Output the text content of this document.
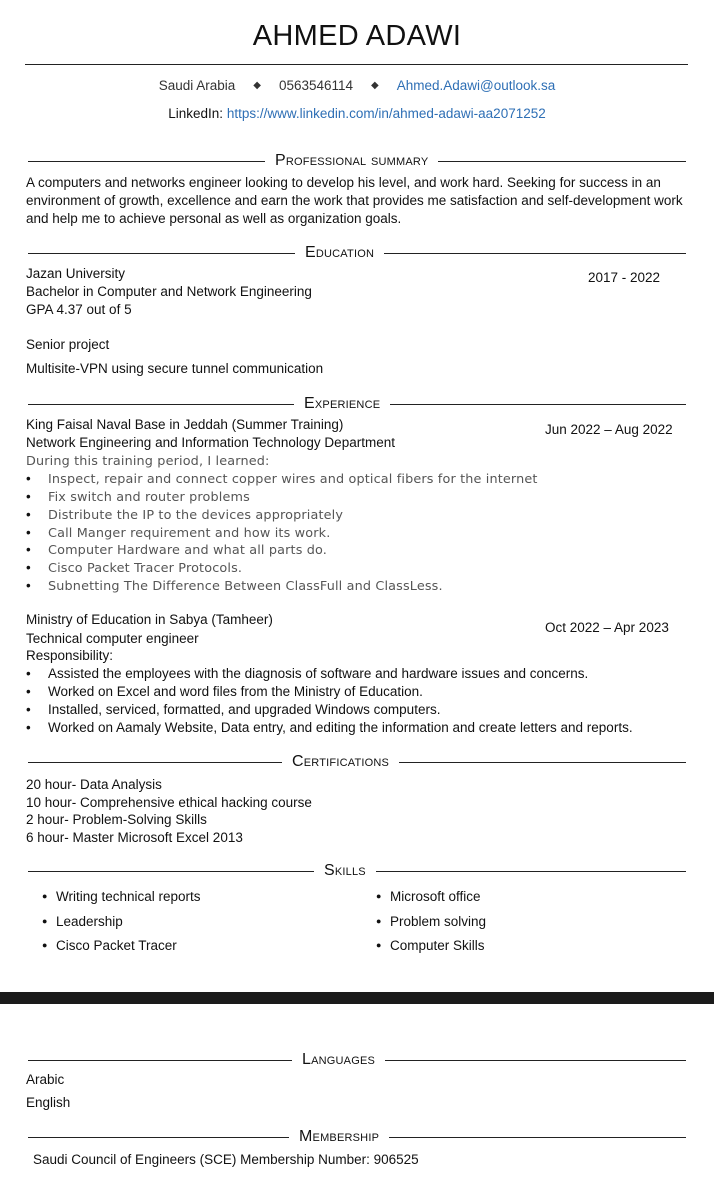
AHMED ADAWI
Saudi Arabia ◆ 0563546114 ◆ Ahmed.Adawi@outlook.sa
LinkedIn: https://www.linkedin.com/in/ahmed-adawi-aa2071252
Professional summary
A computers and networks engineer looking to develop his level, and work hard. Seeking for success in an environment of growth, excellence and earn the work that provides me satisfaction and self-development work and help me to achieve personal as well as organization goals.
Education
Jazan University	2017 - 2022
Bachelor in Computer and Network Engineering
GPA 4.37 out of 5
Senior project
Multisite-VPN using secure tunnel communication
Experience
King Faisal Naval Base in Jeddah (Summer Training)	Jun 2022 – Aug 2022
Network Engineering and Information Technology Department
During this training period, I learned:
• Inspect, repair and connect copper wires and optical fibers for the internet
• Fix switch and router problems
• Distribute the IP to the devices appropriately
• Call Manger requirement and how its work.
• Computer Hardware and what all parts do.
• Cisco Packet Tracer Protocols.
• Subnetting The Difference Between ClassFull and ClassLess.
Ministry of Education in Sabya (Tamheer)
Oct 2022 – Apr 2023
Technical computer engineer
Responsibility:
• Assisted the employees with the diagnosis of software and hardware issues and concerns.
• Worked on Excel and word files from the Ministry of Education.
• Installed, serviced, formatted, and upgraded Windows computers.
• Worked on Aamaly Website, Data entry, and editing the information and create letters and reports.
Certifications
20 hour- Data Analysis
10 hour- Comprehensive ethical hacking course
2 hour- Problem-Solving Skills
6 hour- Master Microsoft Excel 2013
Skills
● Writing technical reports
● Leadership
● Cisco Packet Tracer
● Microsoft office
● Problem solving
● Computer Skills
Languages
Arabic
English
Membership
Saudi Council of Engineers (SCE) Membership Number: 906525
